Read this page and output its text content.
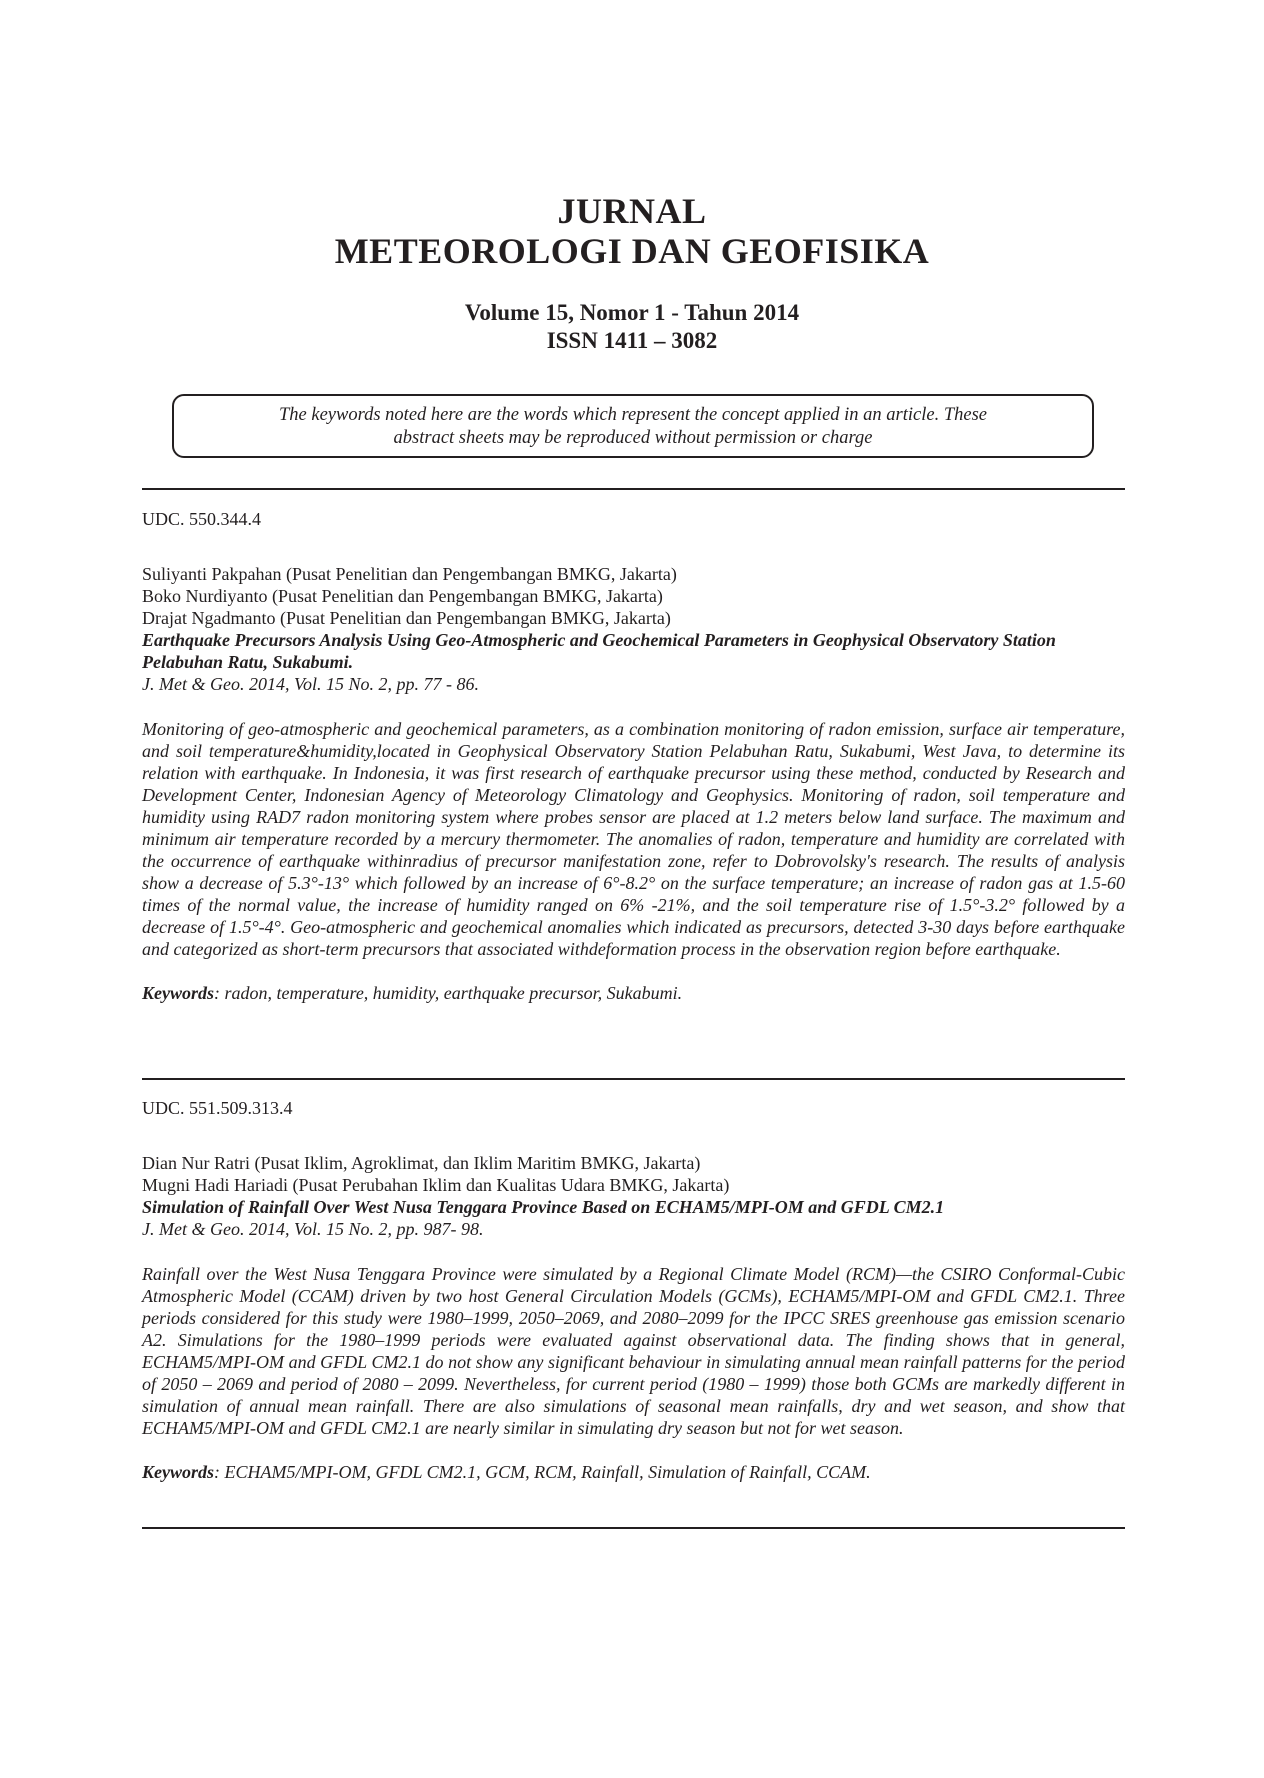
JURNAL
METEOROLOGI DAN GEOFISIKA
Volume 15, Nomor 1 - Tahun 2014
ISSN 1411 – 3082
The keywords noted here are the words which represent the concept applied in an article. These
abstract sheets may be reproduced without permission or charge
UDC. 550.344.4
Suliyanti Pakpahan (Pusat Penelitian dan Pengembangan BMKG, Jakarta)
Boko Nurdiyanto (Pusat Penelitian dan Pengembangan BMKG, Jakarta)
Drajat Ngadmanto (Pusat Penelitian dan Pengembangan BMKG, Jakarta)
Earthquake Precursors Analysis Using Geo-Atmospheric and Geochemical Parameters in Geophysical Observatory Station Pelabuhan Ratu, Sukabumi.
J. Met & Geo. 2014, Vol. 15 No. 2, pp. 77 - 86.
Monitoring of geo-atmospheric and geochemical parameters, as a combination monitoring of radon emission, surface air temperature, and soil temperature&humidity,located in Geophysical Observatory Station Pelabuhan Ratu, Sukabumi, West Java, to determine its relation with earthquake. In Indonesia, it was first research of earthquake precursor using these method, conducted by Research and Development Center, Indonesian Agency of Meteorology Climatology and Geophysics. Monitoring of radon, soil temperature and humidity using RAD7 radon monitoring system where probes sensor are placed at 1.2 meters below land surface. The maximum and minimum air temperature recorded by a mercury thermometer. The anomalies of radon, temperature and humidity are correlated with the occurrence of earthquake withinradius of precursor manifestation zone, refer to Dobrovolsky's research. The results of analysis show a decrease of 5.3°-13° which followed by an increase of 6°-8.2° on the surface temperature; an increase of radon gas at 1.5-60 times of the normal value, the increase of humidity ranged on 6% -21%, and the soil temperature rise of 1.5°-3.2° followed by a decrease of 1.5°-4°. Geo-atmospheric and geochemical anomalies which indicated as precursors, detected 3-30 days before earthquake and categorized as short-term precursors that associated withdeformation process in the observation region before earthquake.
Keywords: radon, temperature, humidity, earthquake precursor, Sukabumi.
UDC. 551.509.313.4
Dian Nur Ratri (Pusat Iklim, Agroklimat, dan Iklim Maritim BMKG, Jakarta)
Mugni Hadi Hariadi (Pusat Perubahan Iklim dan Kualitas Udara BMKG, Jakarta)
Simulation of Rainfall Over West Nusa Tenggara Province Based on ECHAM5/MPI-OM and GFDL CM2.1
J. Met & Geo. 2014, Vol. 15 No. 2, pp. 987- 98.
Rainfall over the West Nusa Tenggara Province were simulated by a Regional Climate Model (RCM)—the CSIRO Conformal-Cubic Atmospheric Model (CCAM) driven by two host General Circulation Models (GCMs), ECHAM5/MPI-OM and GFDL CM2.1. Three periods considered for this study were 1980–1999, 2050–2069, and 2080–2099 for the IPCC SRES greenhouse gas emission scenario A2. Simulations for the 1980–1999 periods were evaluated against observational data. The finding shows that in general, ECHAM5/MPI-OM and GFDL CM2.1 do not show any significant behaviour in simulating annual mean rainfall patterns for the period of 2050 – 2069 and period of 2080 – 2099. Nevertheless, for current period (1980 – 1999) those both GCMs are markedly different in simulation of annual mean rainfall. There are also simulations of seasonal mean rainfalls, dry and wet season, and show that ECHAM5/MPI-OM and GFDL CM2.1 are nearly similar in simulating dry season but not for wet season.
Keywords: ECHAM5/MPI-OM, GFDL CM2.1, GCM, RCM, Rainfall, Simulation of Rainfall, CCAM.
